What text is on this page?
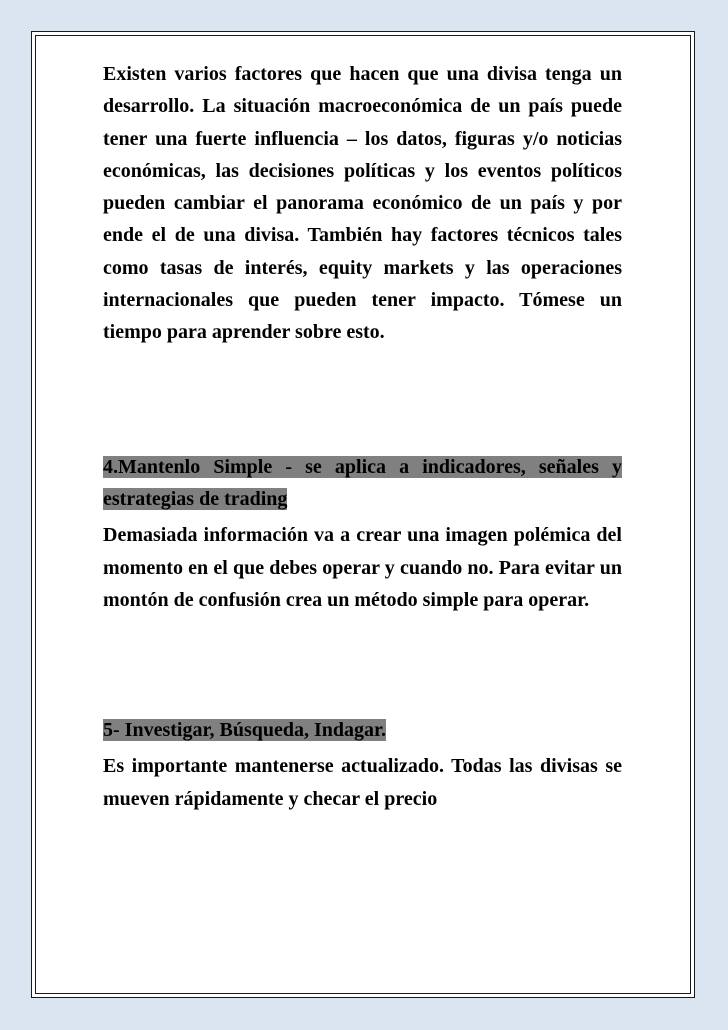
Existen varios factores que hacen que una divisa tenga un desarrollo. La situación macroeconómica de un país puede tener una fuerte influencia – los datos, figuras y/o noticias económicas, las decisiones políticas y los eventos políticos pueden cambiar el panorama económico de un país y por ende el de una divisa. También hay factores técnicos tales como tasas de interés, equity markets y las operaciones internacionales que pueden tener impacto. Tómese un tiempo para aprender sobre esto.

4.Mantenlo Simple - se aplica a indicadores, señales y estrategias de trading

Demasiada información va a crear una imagen polémica del momento en el que debes operar y cuando no. Para evitar un montón de confusión crea un método simple para operar.

5- Investigar, Búsqueda, Indagar.

Es importante mantenerse actualizado. Todas las divisas se mueven rápidamente y checar el precio
